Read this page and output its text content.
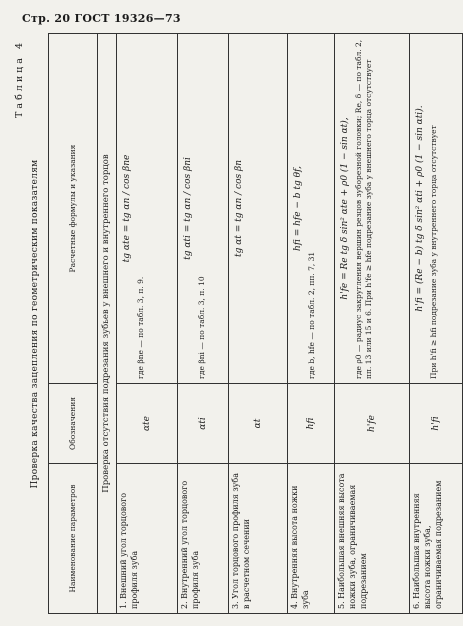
Стр. 20 ГОСТ 19326—73
Таблица 4
Проверка качества зацепления по геометрическим показателям
Наименование параметров	Обозначения	Расчетные формулы и указания
Проверка отсутствия подрезания зубьев у внешнего и внутреннего торцов		
1. Внешний угол торцового профиля зуба	αte	tg αte = tg αn / cos βne
где βne — по табл. 3, п. 9.

2. Внутренний угол торцового профиля зуба	αti	tg αti = tg αn / cos βni
где βni — по табл. 3, п. 10

3. Угол торцового профиля зуба в расчетном сечении	αt	tg αt = tg αn / cos βn

4. Внутренняя высота ножки зуба	hfi	hfi = hfe − b tg θf,
где b, hfe — по табл. 2, пп. 7, 31

5. Наибольшая внешняя высота ножки зуба, ограничиваемая подрезанием	h'fe	h'fe = Re tg δ sin² αte + ρ0 (1 − sin αt), где ρ0 — радиус закругления вершин резцов зуборезной головки; Re, δ — по табл. 2, пп. 13 или 15 и 6. При h'fe ≥ hfe подрезание зуба у внешнего торца отсутствует

6. Наибольшая внутренняя высота ножки зуба, ограничиваемая подрезанием	h'fi	h'fi = (Re − b) tg δ sin² αti + ρ0 (1 − sin αti). При h'fi ≥ hfi подрезание зуба у внутреннего торца отсутствует
